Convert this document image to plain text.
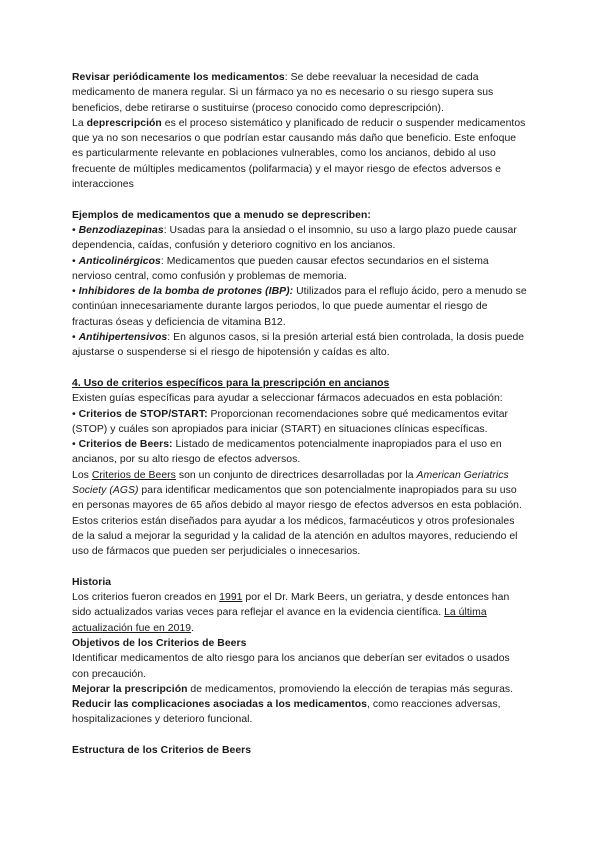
Revisar periódicamente los medicamentos: Se debe reevaluar la necesidad de cada medicamento de manera regular. Si un fármaco ya no es necesario o su riesgo supera sus beneficios, debe retirarse o sustituirse (proceso conocido como deprescripción).

La deprescripción es el proceso sistemático y planificado de reducir o suspender medicamentos que ya no son necesarios o que podrían estar causando más daño que beneficio. Este enfoque es particularmente relevante en poblaciones vulnerables, como los ancianos, debido al uso frecuente de múltiples medicamentos (polifarmacia) y el mayor riesgo de efectos adversos e interacciones

Ejemplos de medicamentos que a menudo se deprescriben:

• Benzodiazepinas: Usadas para la ansiedad o el insomnio, su uso a largo plazo puede causar dependencia, caídas, confusión y deterioro cognitivo en los ancianos.

• Anticolinérgicos: Medicamentos que pueden causar efectos secundarios en el sistema nervioso central, como confusión y problemas de memoria.

• Inhibidores de la bomba de protones (IBP): Utilizados para el reflujo ácido, pero a menudo se continúan innecesariamente durante largos periodos, lo que puede aumentar el riesgo de fracturas óseas y deficiencia de vitamina B12.

• Antihipertensivos: En algunos casos, si la presión arterial está bien controlada, la dosis puede ajustarse o suspenderse si el riesgo de hipotensión y caídas es alto.

4. Uso de criterios específicos para la prescripción en ancianos

Existen guías específicas para ayudar a seleccionar fármacos adecuados en esta población:

• Criterios de STOP/START: Proporcionan recomendaciones sobre qué medicamentos evitar (STOP) y cuáles son apropiados para iniciar (START) en situaciones clínicas específicas.

• Criterios de Beers: Listado de medicamentos potencialmente inapropiados para el uso en ancianos, por su alto riesgo de efectos adversos.

Los Criterios de Beers son un conjunto de directrices desarrolladas por la American Geriatrics Society (AGS) para identificar medicamentos que son potencialmente inapropiados para su uso en personas mayores de 65 años debido al mayor riesgo de efectos adversos en esta población. Estos criterios están diseñados para ayudar a los médicos, farmacéuticos y otros profesionales de la salud a mejorar la seguridad y la calidad de la atención en adultos mayores, reduciendo el uso de fármacos que pueden ser perjudiciales o innecesarios.

Historia

Los criterios fueron creados en 1991 por el Dr. Mark Beers, un geriatra, y desde entonces han sido actualizados varias veces para reflejar el avance en la evidencia científica. La última actualización fue en 2019.

Objetivos de los Criterios de Beers

Identificar medicamentos de alto riesgo para los ancianos que deberían ser evitados o usados con precaución.

Mejorar la prescripción de medicamentos, promoviendo la elección de terapias más seguras.

Reducir las complicaciones asociadas a los medicamentos, como reacciones adversas, hospitalizaciones y deterioro funcional.

Estructura de los Criterios de Beers
